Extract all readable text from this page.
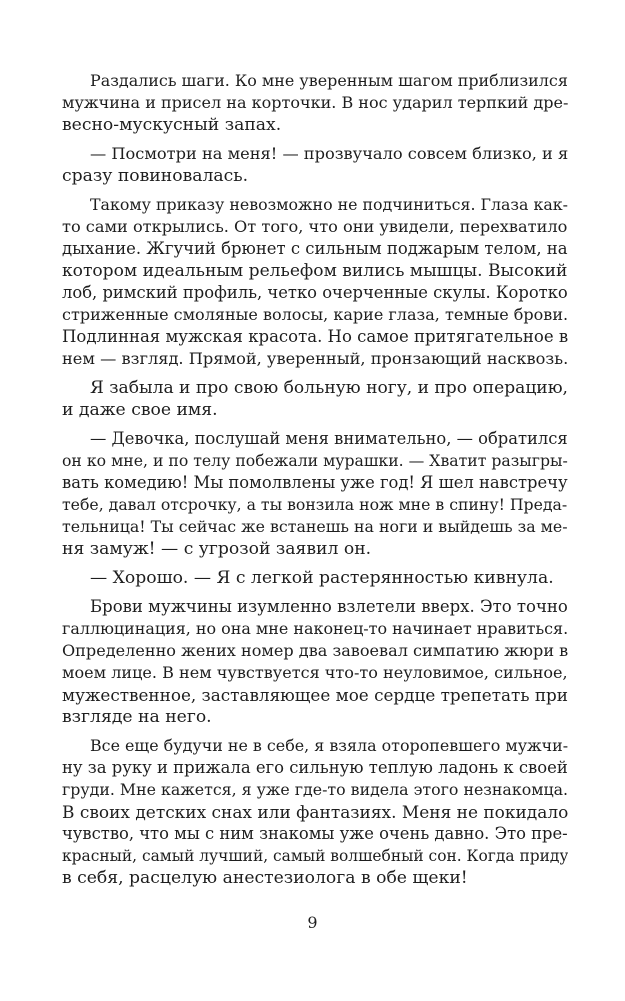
Раздались шаги. Ко мне уверенным шагом приблизился
мужчина и присел на корточки. В нос ударил терпкий дре-
весно-мускусный запах.
— Посмотри на меня! — прозвучало совсем близко, и я
сразу повиновалась.
Такому приказу невозможно не подчиниться. Глаза как-
то сами открылись. От того, что они увидели, перехватило
дыхание. Жгучий брюнет с сильным поджарым телом, на
котором идеальным рельефом вились мышцы. Высокий
лоб, римский профиль, четко очерченные скулы. Коротко
стриженные смоляные волосы, карие глаза, темные брови.
Подлинная мужская красота. Но самое притягательное в
нем — взгляд. Прямой, уверенный, пронзающий насквозь.
Я забыла и про свою больную ногу, и про операцию,
и даже свое имя.
— Девочка, послушай меня внимательно, — обратился
он ко мне, и по телу побежали мурашки. — Хватит разыгры-
вать комедию! Мы помолвлены уже год! Я шел навстречу
тебе, давал отсрочку, а ты вонзила нож мне в спину! Преда-
тельница! Ты сейчас же встанешь на ноги и выйдешь за ме-
ня замуж! — с угрозой заявил он.
— Хорошо. — Я с легкой растерянностью кивнула.
Брови мужчины изумленно взлетели вверх. Это точно
галлюцинация, но она мне наконец-то начинает нравиться.
Определенно жених номер два завоевал симпатию жюри в
моем лице. В нем чувствуется что-то неуловимое, сильное,
мужественное, заставляющее мое сердце трепетать при
взгляде на него.
Все еще будучи не в себе, я взяла оторопевшего мужчи-
ну за руку и прижала его сильную теплую ладонь к своей
груди. Мне кажется, я уже где-то видела этого незнакомца.
В своих детских снах или фантазиях. Меня не покидало
чувство, что мы с ним знакомы уже очень давно. Это пре-
красный, самый лучший, самый волшебный сон. Когда приду
в себя, расцелую анестезиолога в обе щеки!
9
